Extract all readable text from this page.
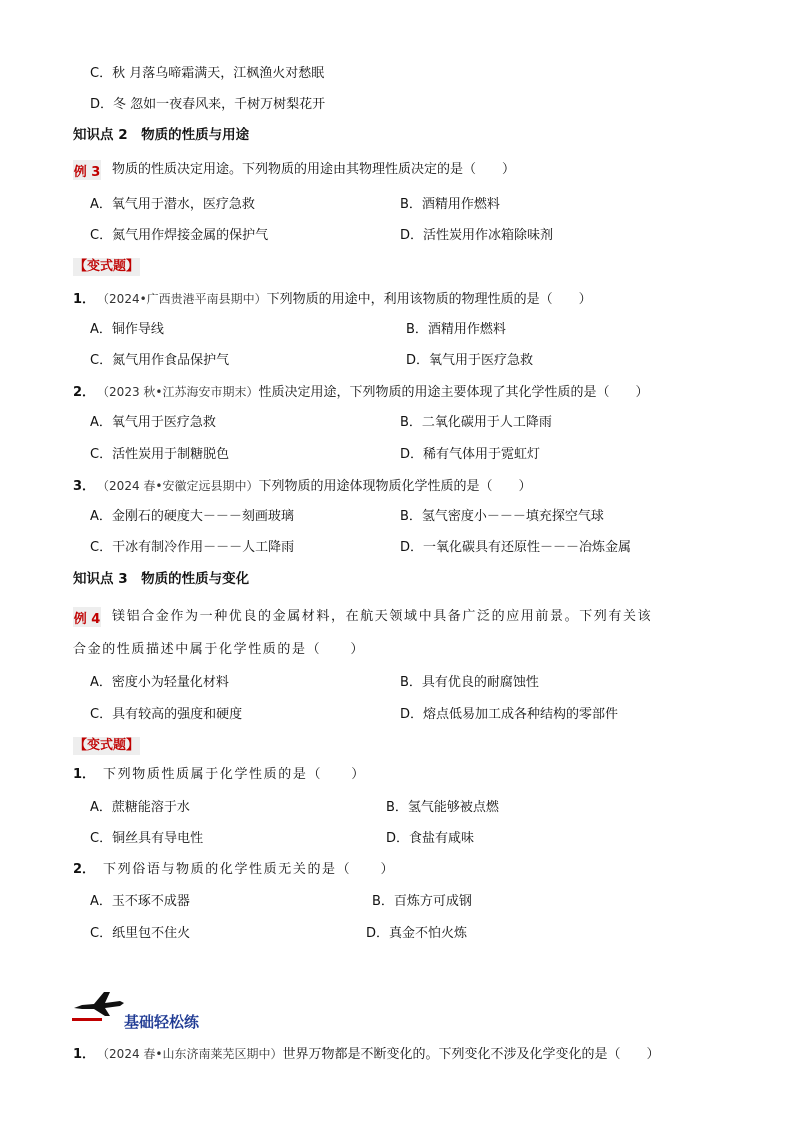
C．秋 月落乌啼霜满天，江枫渔火对愁眠
D．冬 忽如一夜春风来，千树万树梨花开
知识点 2　物质的性质与用途
例 3 物质的性质决定用途。下列物质的用途由其物理性质决定的是（　　）
A．氧气用于潜水，医疗急救	B．酒精用作燃料
C．氮气用作焊接金属的保护气	D．活性炭用作冰箱除味剂
【变式题】
1． （2024•广西贵港平南县期中）下列物质的用途中，利用该物质的物理性质的是（　　）
A．铜作导线	B．酒精用作燃料
C．氮气用作食品保护气	D．氧气用于医疗急救
2． （2023 秋•江苏海安市期末）性质决定用途，下列物质的用途主要体现了其化学性质的是（　　）
A．氧气用于医疗急救	B．二氧化碳用于人工降雨
C．活性炭用于制糖脱色	D．稀有气体用于霓虹灯
3． （2024 春•安徽定远县期中）下列物质的用途体现物质化学性质的是（　　）
A．金刚石的硬度大－－－刻画玻璃	B．氢气密度小－－－填充探空气球
C．干冰有制冷作用－－－人工降雨	D．一氧化碳具有还原性－－－冶炼金属
知识点 3　物质的性质与变化
例 4 镁铝合金作为一种优良的金属材料，在航天领域中具备广泛的应用前景。下列有关该
合金的性质描述中属于化学性质的是（　　）
A．密度小为轻量化材料	B．具有优良的耐腐蚀性
C．具有较高的强度和硬度	D．熔点低易加工成各种结构的零部件
【变式题】
1． 下列物质性质属于化学性质的是（　　）
A．蔗糖能溶于水	B．氢气能够被点燃
C．铜丝具有导电性	D．食盐有咸味
2． 下列俗语与物质的化学性质无关的是（　　）
A．玉不琢不成器	B．百炼方可成钢
C．纸里包不住火	D．真金不怕火炼
基础轻松练
1． （2024 春•山东济南莱芜区期中）世界万物都是不断变化的。下列变化不涉及化学变化的是（　　）
